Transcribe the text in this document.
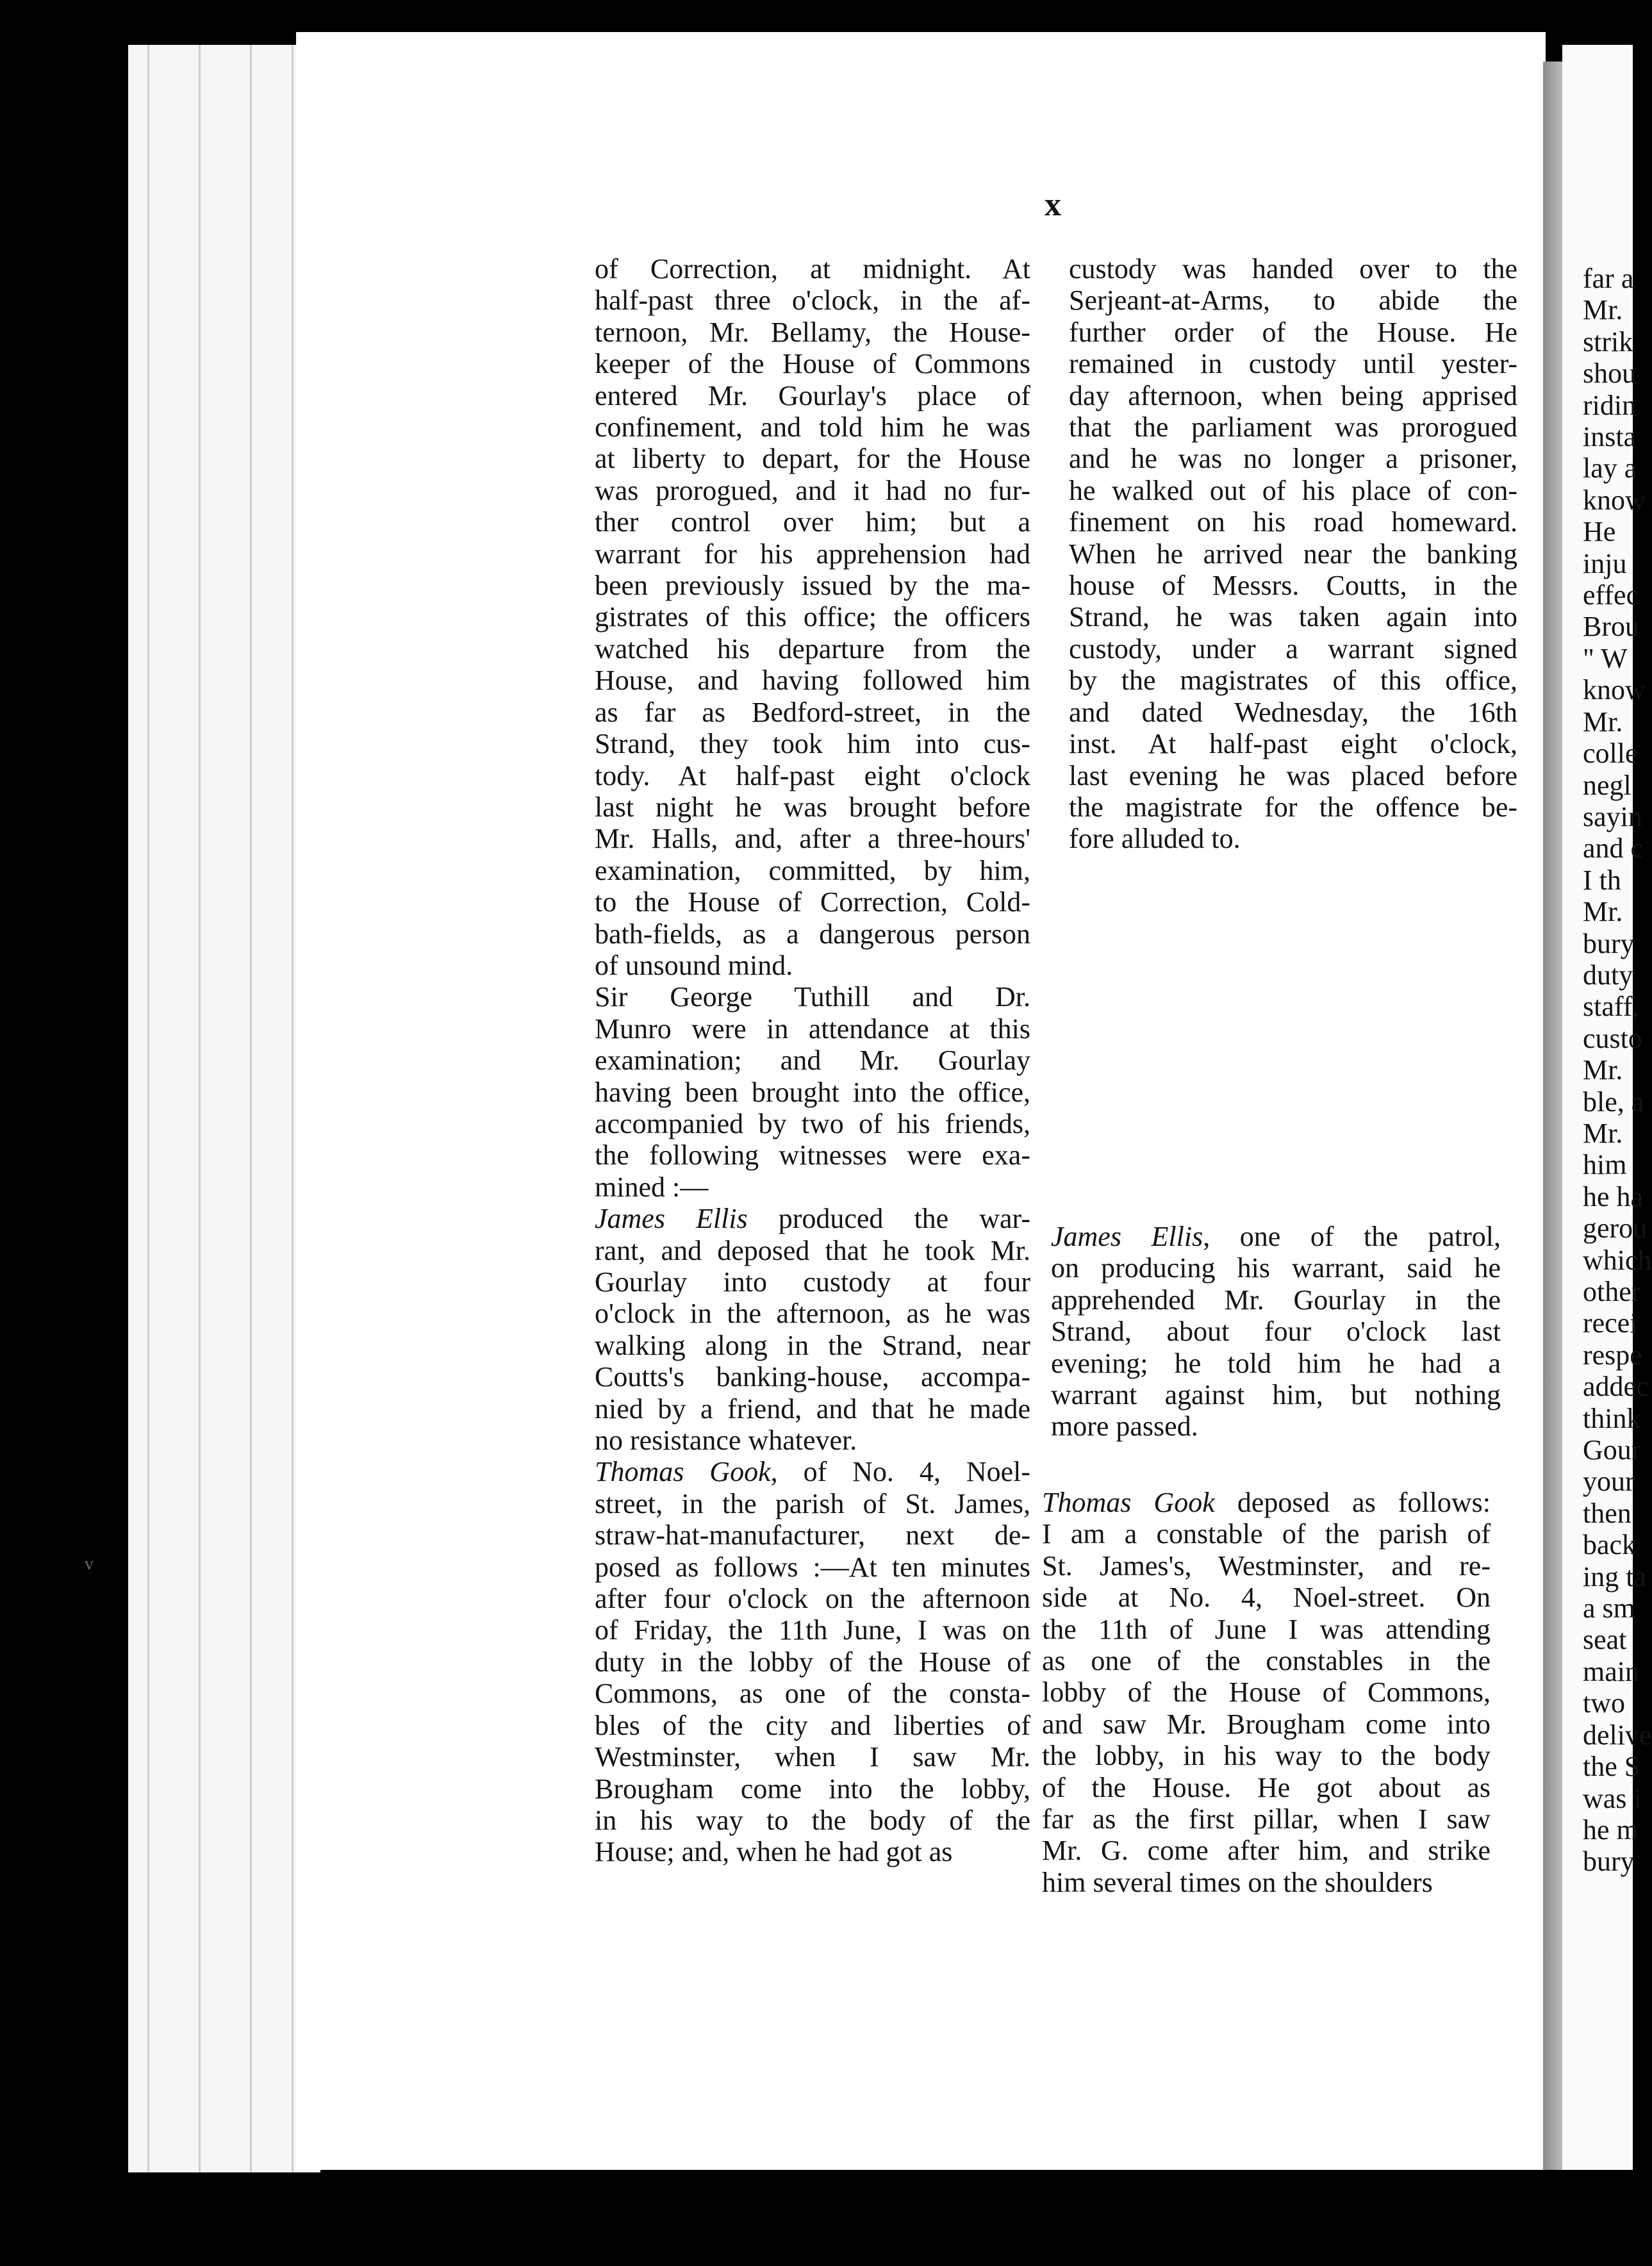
v
x
of Correction, at midnight. At
half-past three o'clock, in the af-
ternoon, Mr. Bellamy, the House-
keeper of the House of Commons
entered Mr. Gourlay's place of
confinement, and told him he was
at liberty to depart, for the House
was prorogued, and it had no fur-
ther control over him; but a
warrant for his apprehension had
been previously issued by the ma-
gistrates of this office; the officers
watched his departure from the
House, and having followed him
as far as Bedford-street, in the
Strand, they took him into cus-
tody. At half-past eight o'clock
last night he was brought before
Mr. Halls, and, after a three-hours'
examination, committed, by him,
to the House of Correction, Cold-
bath-fields, as a dangerous person
of unsound mind.
Sir George Tuthill and Dr.
Munro were in attendance at this
examination; and Mr. Gourlay
having been brought into the office,
accompanied by two of his friends,
the following witnesses were exa-
mined :—
James Ellis produced the war-
rant, and deposed that he took Mr.
Gourlay into custody at four
o'clock in the afternoon, as he was
walking along in the Strand, near
Coutts's banking-house, accompa-
nied by a friend, and that he made
no resistance whatever.
Thomas Gook, of No. 4, Noel-
street, in the parish of St. James,
straw-hat-manufacturer, next de-
posed as follows :—At ten minutes
after four o'clock on the afternoon
of Friday, the 11th June, I was on
duty in the lobby of the House of
Commons, as one of the consta-
bles of the city and liberties of
Westminster, when I saw Mr.
Brougham come into the lobby,
in his way to the body of the
House; and, when he had got as
custody was handed over to the
Serjeant-at-Arms, to abide the
further order of the House. He
remained in custody until yester-
day afternoon, when being apprised
that the parliament was prorogued
and he was no longer a prisoner,
he walked out of his place of con-
finement on his road homeward.
When he arrived near the banking
house of Messrs. Coutts, in the
Strand, he was taken again into
custody, under a warrant signed
by the magistrates of this office,
and dated Wednesday, the 16th
inst. At half-past eight o'clock,
last evening he was placed before
the magistrate for the offence be-
fore alluded to.
James Ellis, one of the patrol,
on producing his warrant, said he
apprehended Mr. Gourlay in the
Strand, about four o'clock last
evening; he told him he had a
warrant against him, but nothing
more passed.
Thomas Gook deposed as follows:
I am a constable of the parish of
St. James's, Westminster, and re-
side at No. 4, Noel-street. On
the 11th of June I was attending
as one of the constables in the
lobby of the House of Commons,
and saw Mr. Brougham come into
the lobby, in his way to the body
of the House. He got about as
far as the first pillar, when I saw
Mr. G. come after him, and strike
him several times on the shoulders
far a
Mr.
strik
shou
ridin
insta
lay a
know
He
inju
effec
Brou
" W
know
Mr.
colle
negl
sayin
and c
I th
Mr.
bury
duty
staff,
custo
Mr.
ble, a
Mr.
him
he ha
gerou
which
other
recei
respe
addec
think
Gour
your
then
back
ing ta
a sm
seat
main
two
delive
the S
was i
he m
bury
